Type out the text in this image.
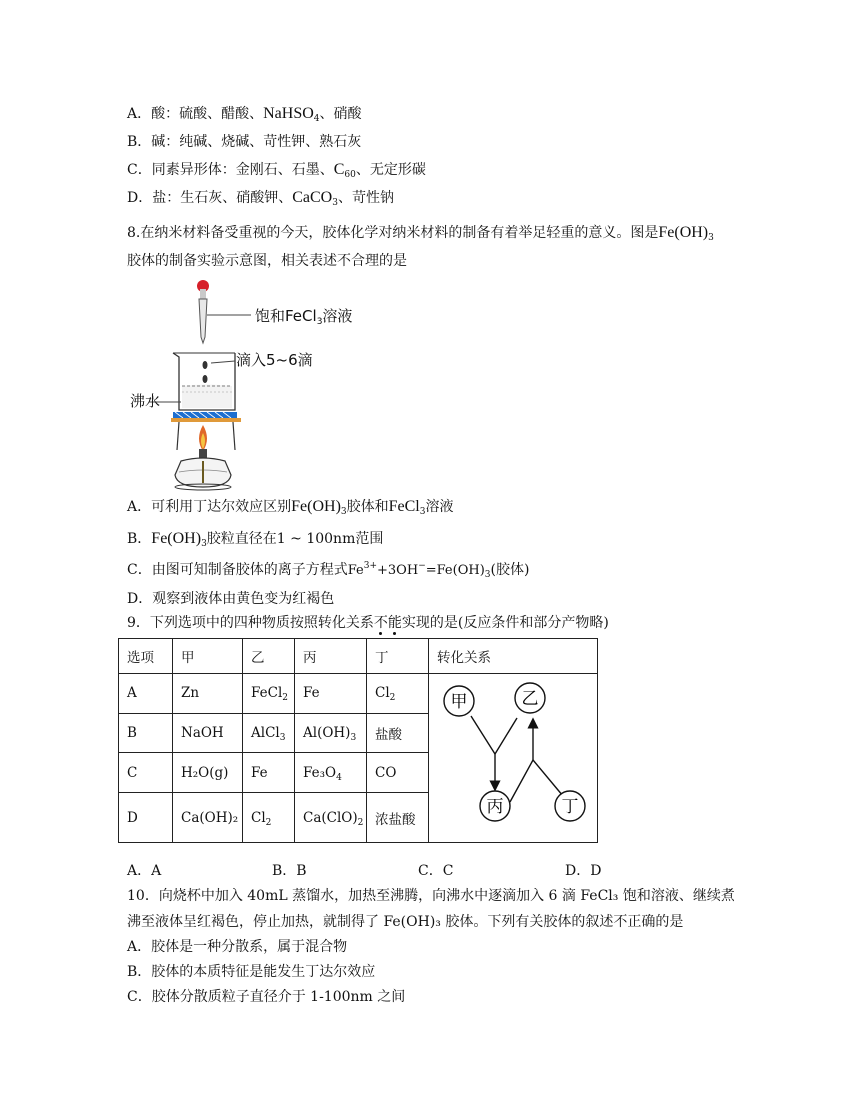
A．酸：硫酸、醋酸、NaHSO$_4$、硝酸
B．碱：纯碱、烧碱、苛性钾、熟石灰
C．同素异形体：金刚石、石墨、$C_{60}$、无定形碳
D．盐：生石灰、硝酸钾、CaCO$_3$、苛性钠
8.在纳米材料备受重视的今天，胶体化学对纳米材料的制备有着举足轻重的意义。图是$Fe(OH)_3$
胶体的制备实验示意图，相关表述不合理的是
饱和FeCl$_3$溶液
滴入5~6滴
沸水
A．可利用丁达尔效应区别$Fe(OH)_3$胶体和FeCl$_3$溶液
B．$Fe(OH)_3$胶粒直径在1 ~ 100nm范围
C．由图可知制备胶体的离子方程式$Fe^{3+}+3OH^-=Fe(OH)_3$(胶体)
D．观察到液体由黄色变为红褐色
9．下列选项中的四种物质按照转化关系不能实现的是(反应条件和部分产物略)
选项	甲	乙	丙	丁	转化关系
A	Zn	FeCl$_2$	Fe	$Cl_2$	甲 乙
丙 丁

B	NaOH	AlCl$_3$	$Al(OH)_3$	盐酸	
C	H₂O(g)	Fe	$Fe_3O_4$	CO	
D	Ca(OH)₂	$Cl_2$	$Ca(ClO)_2$	浓盐酸	
A．A	B．B	C．C	D．D
10．向烧杯中加入 40mL 蒸馏水，加热至沸腾，向沸水中逐滴加入 6 滴 FeCl₃ 饱和溶液、继续煮
沸至液体呈红褐色，停止加热，就制得了 Fe(OH)₃ 胶体。下列有关胶体的叙述不正确的是
A．胶体是一种分散系，属于混合物
B．胶体的本质特征是能发生丁达尔效应
C．胶体分散质粒子直径介于 1-100nm 之间
